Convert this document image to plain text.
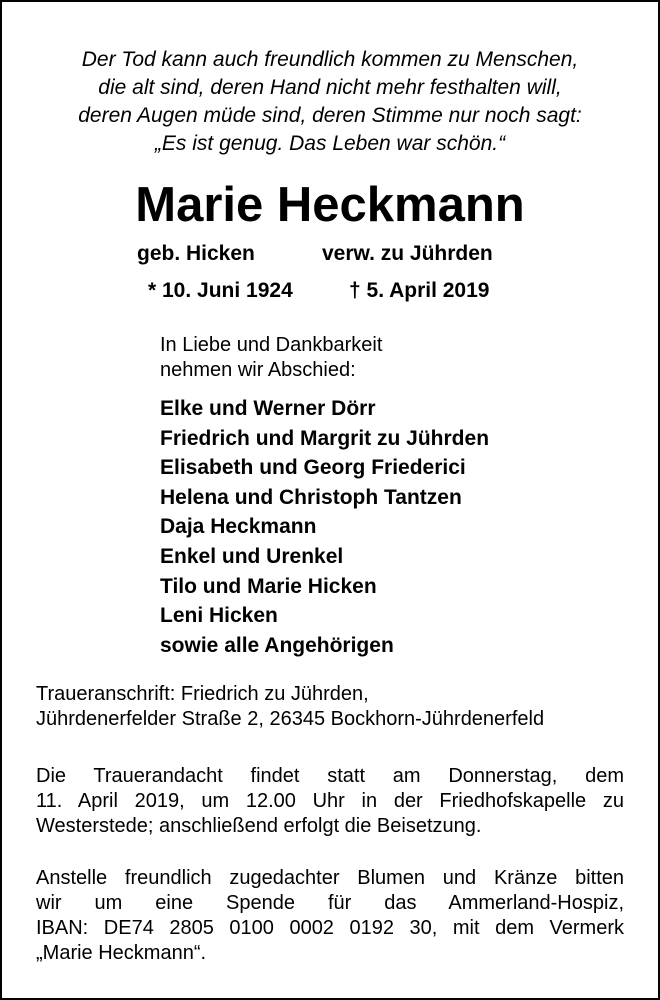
Der Tod kann auch freundlich kommen zu Menschen,
die alt sind, deren Hand nicht mehr festhalten will,
deren Augen müde sind, deren Stimme nur noch sagt:
„Es ist genug. Das Leben war schön.“
Marie Heckmann
geb. Hicken	verw. zu Jührden
* 10. Juni 1924	† 5. April 2019
In Liebe und Dankbarkeit
nehmen wir Abschied:
Elke und Werner Dörr
Friedrich und Margrit zu Jührden
Elisabeth und Georg Friederici
Helena und Christoph Tantzen
Daja Heckmann
Enkel und Urenkel
Tilo und Marie Hicken
Leni Hicken
sowie alle Angehörigen
Traueranschrift: Friedrich zu Jührden,
Jührdenerfelder Straße 2, 26345 Bockhorn-Jührdenerfeld
Die Trauerandacht findet statt am Donnerstag, dem
11. April 2019, um 12.00 Uhr in der Friedhofskapelle zu
Westerstede; anschließend erfolgt die Beisetzung.
Anstelle freundlich zugedachter Blumen und Kränze bitten
wir um eine Spende für das Ammerland-Hospiz,
IBAN: DE74 2805 0100 0002 0192 30, mit dem Vermerk
„Marie Heckmann“.
